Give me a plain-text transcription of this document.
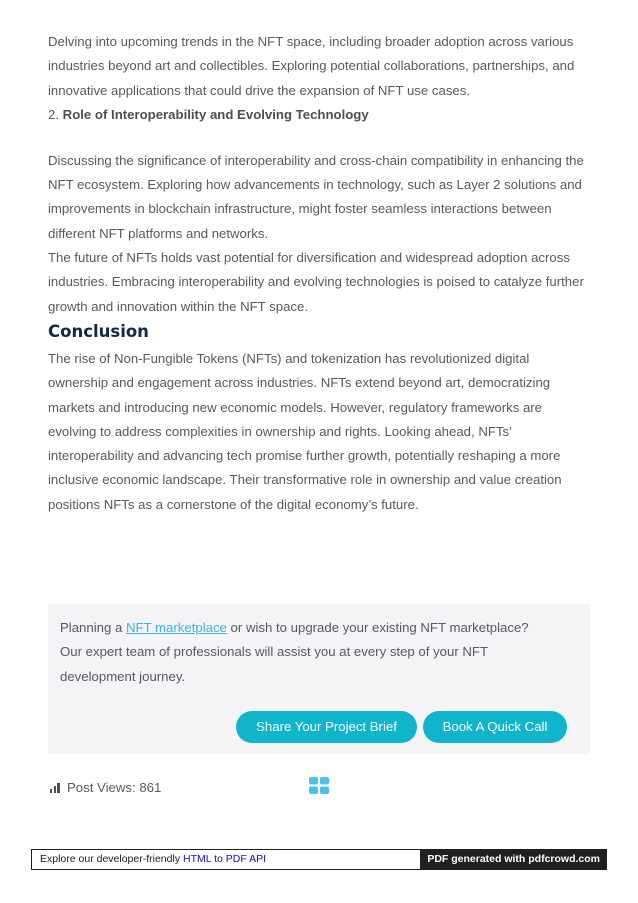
Delving into upcoming trends in the NFT space, including broader adoption across various industries beyond art and collectibles. Exploring potential collaborations, partnerships, and innovative applications that could drive the expansion of NFT use cases.

2. Role of Interoperability and Evolving Technology

Discussing the significance of interoperability and cross-chain compatibility in enhancing the NFT ecosystem. Exploring how advancements in technology, such as Layer 2 solutions and improvements in blockchain infrastructure, might foster seamless interactions between different NFT platforms and networks.

The future of NFTs holds vast potential for diversification and widespread adoption across industries. Embracing interoperability and evolving technologies is poised to catalyze further growth and innovation within the NFT space.

Conclusion

The rise of Non-Fungible Tokens (NFTs) and tokenization has revolutionized digital ownership and engagement across industries. NFTs extend beyond art, democratizing markets and introducing new economic models. However, regulatory frameworks are evolving to address complexities in ownership and rights. Looking ahead, NFTs’ interoperability and advancing tech promise further growth, potentially reshaping a more inclusive economic landscape. Their transformative role in ownership and value creation positions NFTs as a cornerstone of the digital economy’s future.

Planning a NFT marketplace or wish to upgrade your existing NFT marketplace? Our expert team of professionals will assist you at every step of your NFT development journey.

Share Your Project Brief	Book A Quick Call
Post Views: 861
Explore our developer-friendly HTML to PDF API	PDF generated with pdfcrowd.com
